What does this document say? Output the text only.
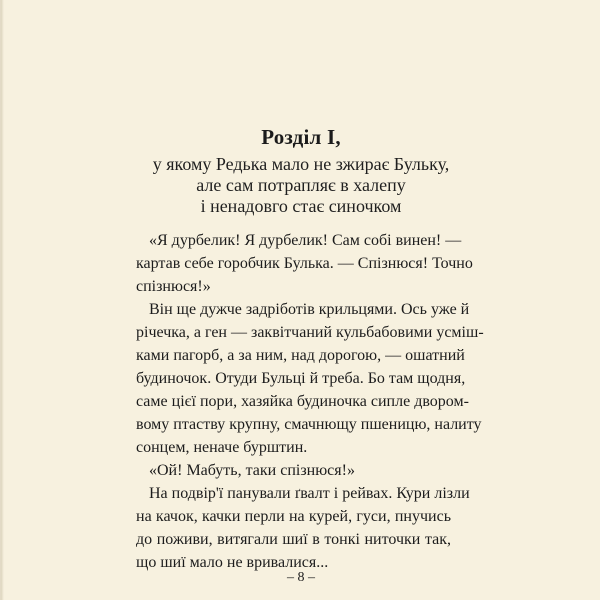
Розділ І,
у якому Редька мало не зжирає Бульку,
але сам потрапляє в халепу
і ненадовго стає синочком
«Я дурбелик! Я дурбелик! Сам собі винен! —
картав себе горобчик Булька. — Спізнюся! Точно
спізнюся!»
Він ще дужче задріботів крильцями. Ось уже й
річечка, а ген — заквітчаний кульбабовими усміш-
ками пагорб, а за ним, над дорогою, — ошатний
будиночок. Отуди Бульці й треба. Бо там щодня,
саме цієї пори, хазяйка будиночка сипле двором-
вому птаству крупну, смачнющу пшеницю, налиту
сонцем, неначе бурштин.
«Ой! Мабуть, таки спізнюся!»
На подвір'ї панували ґвалт і рейвах. Кури лізли
на качок, качки перли на курей, гуси, пнучись
до поживи, витягали шиї в тонкі ниточки так,
що шиї мало не вривалися...
– 8 –
